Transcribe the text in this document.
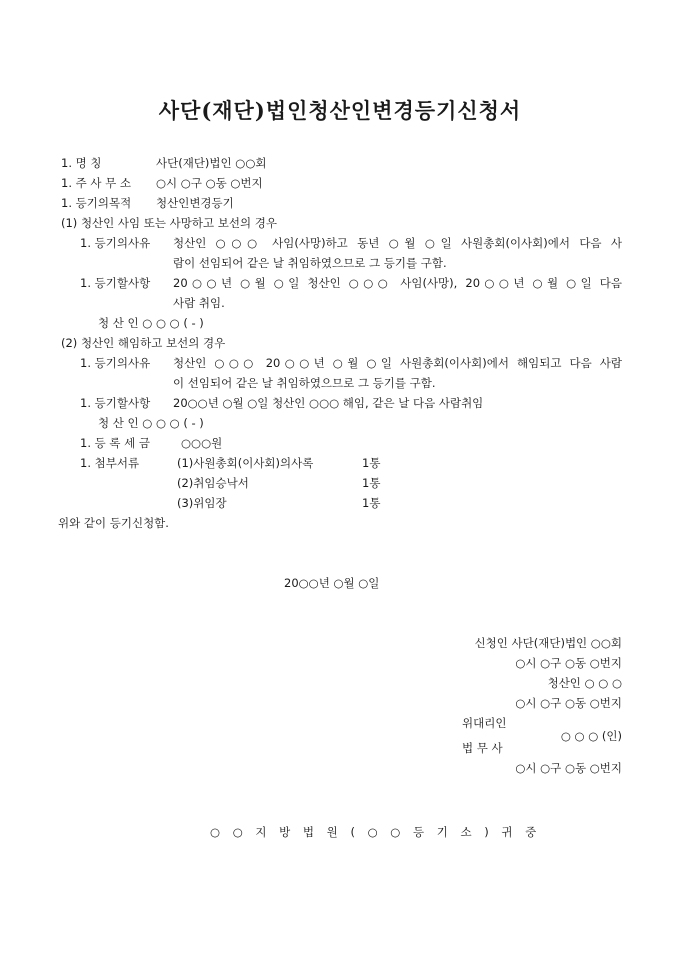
사단(재단)법인청산인변경등기신청서
1. 명 칭	사단(재단)법인 ○○회
1. 주 사 무 소 ○시 ○구 ○동 ○번지
1. 등기의목적 청산인변경등기
(1) 청산인 사임 또는 사망하고 보선의 경우
1. 등기의사유 청산인 ○○○ 사임(사망)하고 동년 ○월 ○일 사원총회(이사회)에서 다음 사
람이 선임되어 같은 날 취임하였으므로 그 등기를 구함.
1. 등기할사항 20○○년 ○월 ○일 청산인 ○○○ 사임(사망), 20○○년 ○월 ○일 다음
사람 취임.
청 산 인 ○ ○ ○ ( - )
(2) 청산인 해임하고 보선의 경우
1. 등기의사유 청산인 ○○○ 20○○년 ○월 ○일 사원총회(이사회)에서 해임되고 다음 사람
이 선임되어 같은 날 취임하였으므로 그 등기를 구함.
1. 등기할사항 20○○년 ○월 ○일 청산인 ○○○ 해임, 같은 날 다음 사람취임
청 산 인 ○ ○ ○ ( - )
1. 등 록 세 금	○○○원
1. 첨부서류	(1)사원총회(이사회)의사록	1통
(2)취임승낙서	1통
(3)위임장	1통
위와 같이 등기신청함.
20○○년 ○월 ○일
신청인 사단(재단)법인 ○○회
○시 ○구 ○동 ○번지
청산인 ○ ○ ○
○시 ○구 ○동 ○번지
위대리인
○ ○ ○ (인)
법 무 사
○시 ○구 ○동 ○번지
○ ○ 지 방 법 원 ( ○ ○ 등 기 소 ) 귀 중
